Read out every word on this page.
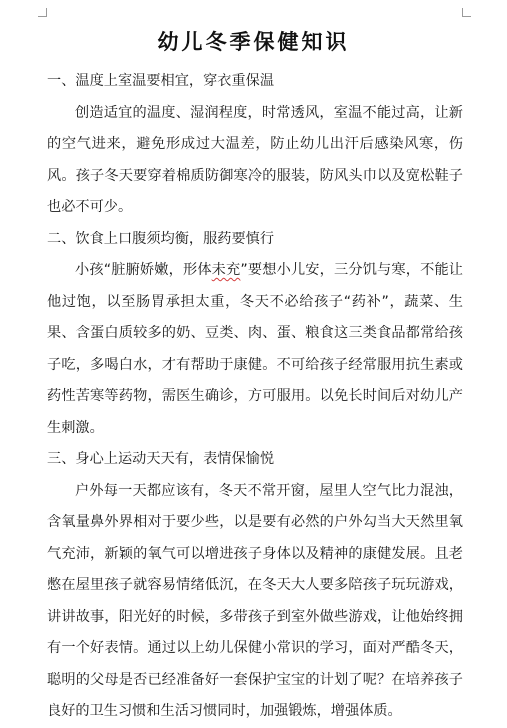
幼儿冬季保健知识

一、温度上室温要相宜，穿衣重保温

创造适宜的温度、湿润程度，时常透风，室温不能过高，让新的空气进来，避免形成过大温差，防止幼儿出汗后感染风寒，伤风。孩子冬天要穿着棉质防御寒冷的服装，防风头巾以及宽松鞋子也必不可少。

二、饮食上口腹须均衡，服药要慎行

小孩“脏腑娇嫩，形体未充”要想小儿安，三分饥与寒，不能让他过饱，以至肠胃承担太重，冬天不必给孩子“药补”，蔬菜、生果、含蛋白质较多的奶、豆类、肉、蛋、粮食这三类食品都常给孩子吃，多喝白水，才有帮助于康健。不可给孩子经常服用抗生素或药性苦寒等药物，需医生确诊，方可服用。以免长时间后对幼儿产生刺激。

三、身心上运动天天有，表情保愉悦

户外每一天都应该有，冬天不常开窗，屋里人空气比力混浊，含氧量鼻外界相对于要少些，以是要有必然的户外勾当大天然里氧气充沛，新颖的氧气可以增进孩子身体以及精神的康健发展。且老憋在屋里孩子就容易情绪低沉，在冬天大人要多陪孩子玩玩游戏，讲讲故事，阳光好的时候，多带孩子到室外做些游戏，让他始终拥有一个好表情。通过以上幼儿保健小常识的学习，面对严酷冬天，聪明的父母是否已经准备好一套保护宝宝的计划了呢？在培养孩子良好的卫生习惯和生活习惯同时，加强锻炼，增强体质。
